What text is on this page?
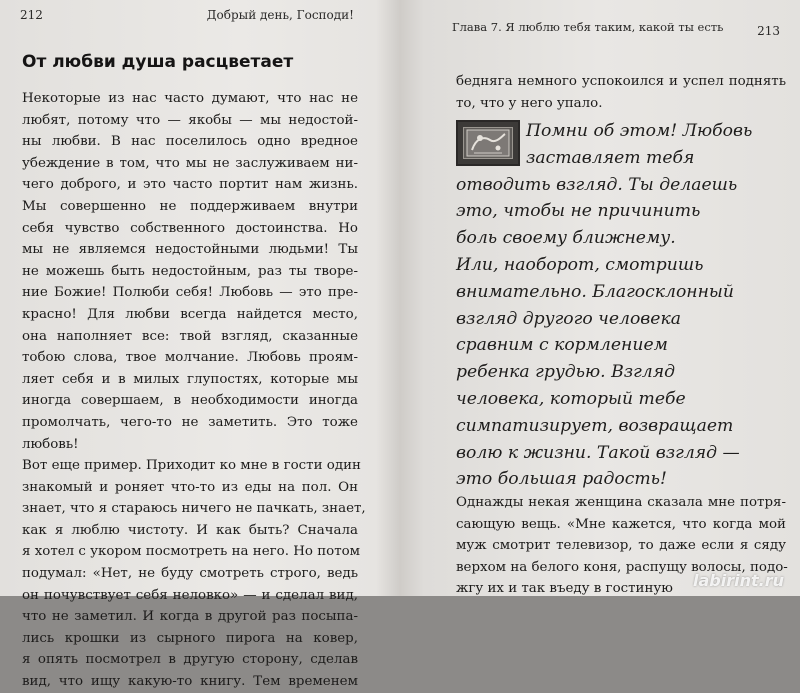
212	Добрый день, Господи!
От любви душа расцветает
Некоторые из нас часто думают, что нас не
любят, потому что — якобы — мы недостой-
ны любви. В нас поселилось одно вредное
убеждение в том, что мы не заслуживаем ни-
чего доброго, и это часто портит нам жизнь.
Мы совершенно не поддерживаем внутри
себя чувство собственного достоинства. Но
мы не являемся недостойными людьми! Ты
не можешь быть недостойным, раз ты творе-
ние Божие! Полюби себя! Любовь — это пре-
красно! Для любви всегда найдется место,
она наполняет все: твой взгляд, сказанные
тобою слова, твое молчание. Любовь проям-
ляет себя и в милых глупостях, которые мы
иногда совершаем, в необходимости иногда
промолчать, чего-то не заметить. Это тоже
любовь!
Вот еще пример. Приходит ко мне в гости один
знакомый и роняет что-то из еды на пол. Он
знает, что я стараюсь ничего не пачкать, знает,
как я люблю чистоту. И как быть? Сначала
я хотел с укором посмотреть на него. Но потом
подумал: «Нет, не буду смотреть строго, ведь
он почувствует себя неловко» — и сделал вид,
что не заметил. И когда в другой раз посыпа-
лись крошки из сырного пирога на ковер,
я опять посмотрел в другую сторону, сделав
вид, что ищу какую-то книгу. Тем временем
Глава 7. Я люблю тебя таким, какой ты есть	213
бедняга немного успокоился и успел поднять
то, что у него упало.
Помни об этом! Любовь
заставляет тебя
отводить взгляд. Ты делаешь
это, чтобы не причинить
боль своему ближнему.
Или, наоборот, смотришь
внимательно. Благосклонный
взгляд другого человека
сравним с кормлением
ребенка грудью. Взгляд
человека, который тебе
симпатизирует, возвращает
волю к жизни. Такой взгляд —
это большая радость!
Однажды некая женщина сказала мне потря-
сающую вещь. «Мне кажется, что когда мой
муж смотрит телевизор, то даже если я сяду
верхом на белого коня, распущу волосы, подо-
жгу их и так въеду в гостиную	labirint.ru
